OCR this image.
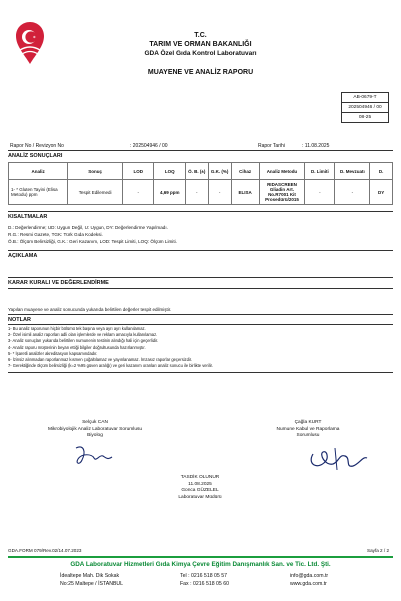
T.C.
TARIM VE ORMAN BAKANLIĞI
GDA Özel Gıda Kontrol Laboratuvarı
MUAYENE VE ANALİZ RAPORU
AB-0679-T
202504946 / 00
08-25
Rapor No / Revizyon No	: 202504946 / 00	Rapor Tarihi	: 11.08.2025
ANALİZ SONUÇLARI
Analiz	Sonuç	LOD	LOQ	Ö. B. (±)	G.K. (%)	Cihaz	Analiz Metodu	D. Limiti	D. Mevzuatı	D.
1- * Gluten Tayini (Elisa Metodu) ppm	Tespit Edilemedi	-	4,69 ppm	-	-	ELISA	RIDASCREEN Gliadin Art. No.R7001 Kit Prosedürü/2015	-	-	DY
KISALTMALAR
D.: Değerlendirme; UD: Uygun Değil, U: Uygun, DY: Değerlendirme Yapılmadı.
R.G.: Resmi Gazete, TGK: Türk Gıda Kodeksi.
Ö.B.: Ölçüm Belirsizliği, G.K.: Geri Kazanım, LOD: Tespit Limiti, LOQ: Ölçüm Limiti.
AÇIKLAMA
KARAR KURALI VE DEĞERLENDİRME
Yapılan muayene ve analiz sonucunda yukarıda belirtilen değerler tespit edilmiştir.
NOTLAR
1- Bu analiz raporunun hiçbir bölümü tek başına veya ayrı ayrı kullanılamaz.
2- Özel isimli analiz raporları adli olan işlemlerde ve reklam amacıyla kullanılamaz.
3- Analiz sonuçları yukarıda belirtilen numunenin testinin alındığı hali için geçerlidir.
4- Analiz raporu müşterinin beyan ettiği bilgiler doğrultusunda hazırlanmıştır.
5- * İşaretli analizler akreditasyon kapsamındadır.
6- İzinsiz alınmadan raporlanmaz kısmen çoğaltılamaz ve yayınlanamaz. İmzasız raporlar geçersizdir.
7- Gerektiğinde ölçüm belirsizliği (k=2 %95 güven aralığı) ve geri kazanım oranları analiz sonucu ile birlikte verilir.
Selçuk CAN
Mikrobiyolojik Analiz Laboratuvar Sorumlusu
Biyolog
Çağla KURT
Numune Kabul ve Raporlama
Sorumlusu
TASDİK OLUNUR
11.08.2025
Gonca GÜZELEL
Laboratuvar Müdürü
GDA.FORM 079/Rev.02/14.07.2023	Sayfa 2 / 2
GDA Laboratuvar Hizmetleri Gıda Kimya Çevre Eğitim Danışmanlık San. ve Tic. Ltd. Şti.
İdealtepe Mah. Dik Sokak
No:25 Maltepe / İSTANBUL
Tel : 0216 518 05 57
Fax : 0216 518 05 60
info@gda.com.tr
www.gda.com.tr
